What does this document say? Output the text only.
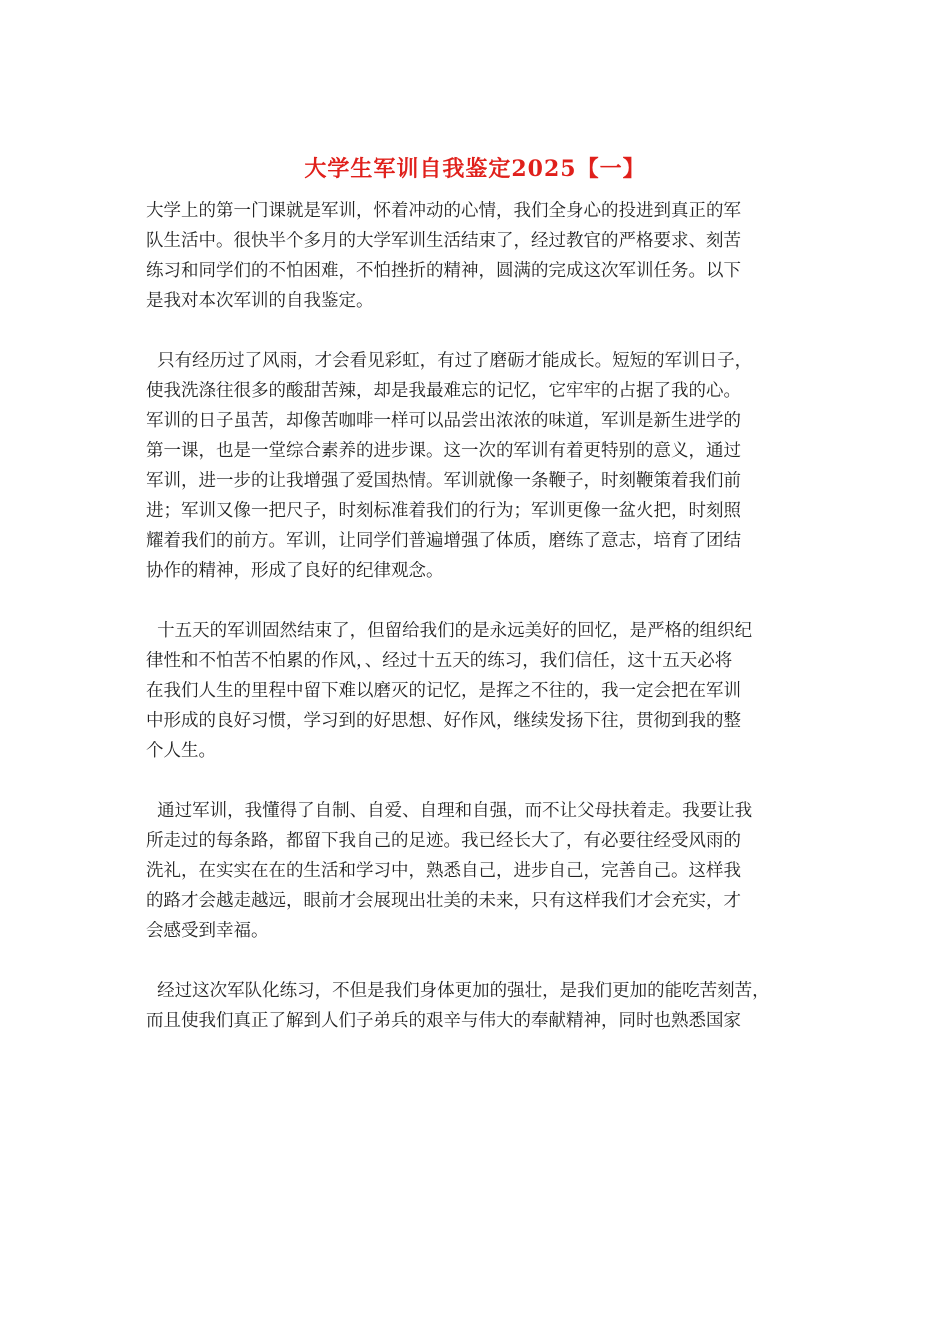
大学生军训自我鉴定2025【一】

大学上的第一门课就是军训，怀着冲动的心情，我们全身心的投进到真正的军
队生活中。很快半个多月的大学军训生活结束了，经过教官的严格要求、刻苦
练习和同学们的不怕困难，不怕挫折的精神，圆满的完成这次军训任务。以下
是我对本次军训的自我鉴定。

只有经历过了风雨，才会看见彩虹，有过了磨砺才能成长。短短的军训日子，
使我洗涤往很多的酸甜苦辣，却是我最难忘的记忆，它牢牢的占据了我的心。
军训的日子虽苦，却像苦咖啡一样可以品尝出浓浓的味道，军训是新生进学的
第一课，也是一堂综合素养的进步课。这一次的军训有着更特别的意义，通过
军训，进一步的让我增强了爱国热情。军训就像一条鞭子，时刻鞭策着我们前
进；军训又像一把尺子，时刻标准着我们的行为；军训更像一盆火把，时刻照
耀着我们的前方。军训，让同学们普遍增强了体质，磨练了意志，培育了团结
协作的精神，形成了良好的纪律观念。

十五天的军训固然结束了，但留给我们的是永远美好的回忆，是严格的组织纪
律性和不怕苦不怕累的作风，、经过十五天的练习，我们信任，这十五天必将
在我们人生的里程中留下难以磨灭的记忆，是挥之不往的，我一定会把在军训
中形成的良好习惯，学习到的好思想、好作风，继续发扬下往，贯彻到我的整
个人生。

通过军训，我懂得了自制、自爱、自理和自强，而不让父母扶着走。我要让我
所走过的每条路，都留下我自己的足迹。我已经长大了，有必要往经受风雨的
洗礼，在实实在在的生活和学习中，熟悉自己，进步自己，完善自己。这样我
的路才会越走越远，眼前才会展现出壮美的未来，只有这样我们才会充实，才
会感受到幸福。

经过这次军队化练习，不但是我们身体更加的强壮，是我们更加的能吃苦刻苦，
而且使我们真正了解到人们子弟兵的艰辛与伟大的奉献精神，同时也熟悉国家
